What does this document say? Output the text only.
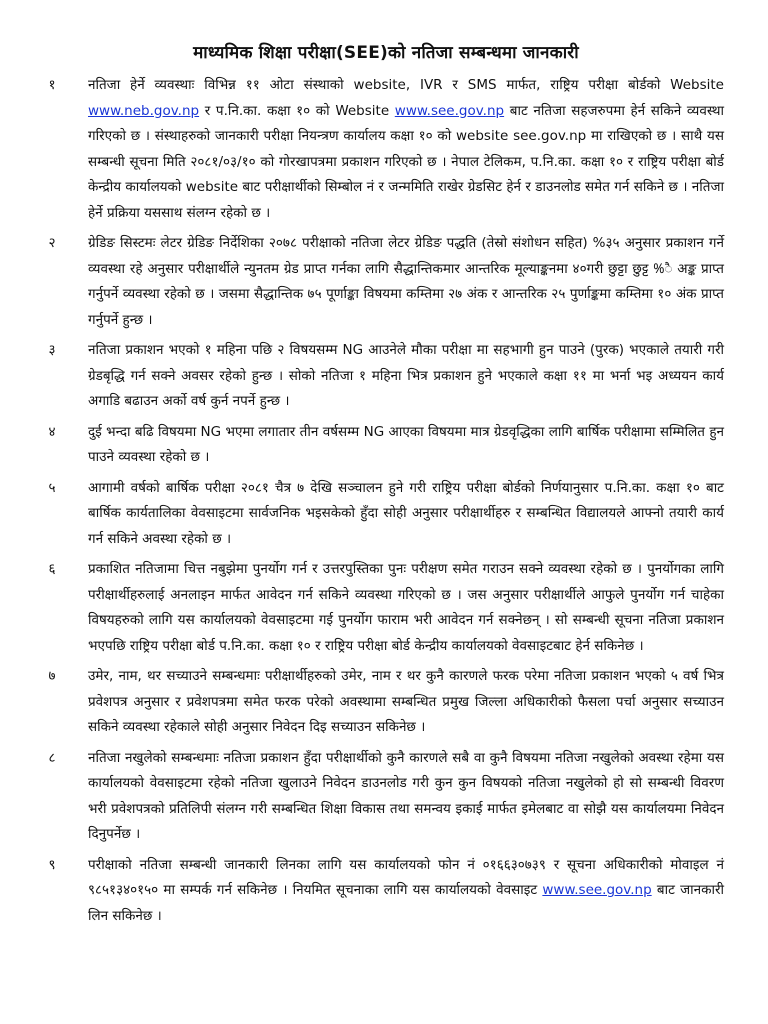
माध्यमिक शिक्षा परीक्षा(SEE)को नतिजा सम्बन्धमा जानकारी
१	नतिजा हेर्ने व्यवस्थाः विभिन्न ११ ओटा संस्थाको website, IVR र SMS मार्फत, राष्ट्रिय परीक्षा बोर्डको Website www.neb.gov.np र प.नि.का. कक्षा १० को Website www.see.gov.np बाट नतिजा सहजरुपमा हेर्न सकिने व्यवस्था गरिएको छ । संस्थाहरुको जानकारी परीक्षा नियन्त्रण कार्यालय कक्षा १० को website see.gov.np मा राखिएको छ । साथै यस सम्बन्धी सूचना मिति २०८१/०३/१० को गोरखापत्रमा प्रकाशन गरिएको छ । नेपाल टेलिकम, प.नि.का. कक्षा १० र राष्ट्रिय परीक्षा बोर्ड केन्द्रीय कार्यालयको website बाट परीक्षार्थीको सिम्बोल नं र जन्ममिति राखेर ग्रेडसिट हेर्न र डाउनलोड समेत गर्न सकिने छ । नतिजा हेर्ने प्रक्रिया यससाथ संलग्न रहेको छ ।
२	ग्रेडिङ सिस्टमः लेटर ग्रेडिङ निर्देशिका २०७८ परीक्षाको नतिजा लेटर ग्रेडिङ पद्धति (तेस्रो संशोधन सहित) %३५ अनुसार प्रकाशन गर्ने व्यवस्था रहे अनुसार परीक्षार्थीले न्युनतम ग्रेड प्राप्त गर्नका लागि सैद्धान्तिकमार आन्तरिक मूल्याङ्कनमा ४०गरी छुट्टा छुट्ट %ै अङ्क प्राप्त गर्नुपर्ने व्यवस्था रहेको छ । जसमा सैद्धान्तिक ७५ पूर्णाङ्का विषयमा कम्तिमा २७ अंक र आन्तरिक २५ पुर्णाङ्कमा कम्तिमा १० अंक प्राप्त गर्नुपर्ने हुन्छ ।
३	नतिजा प्रकाशन भएको १ महिना पछि २ विषयसम्म NG आउनेले मौका परीक्षा मा सहभागी हुन पाउने (पुरक) भएकाले तयारी गरी ग्रेडबृद्धि गर्न सक्ने अवसर रहेको हुन्छ । सोको नतिजा १ महिना भित्र प्रकाशन हुने भएकाले कक्षा ११ मा भर्ना भइ अध्ययन कार्य अगाडि बढाउन अर्को वर्ष कुर्न नपर्ने हुन्छ ।
४	दुई भन्दा बढि विषयमा NG भएमा लगातार तीन वर्षसम्म NG आएका विषयमा मात्र ग्रेडवृद्धिका लागि बार्षिक परीक्षामा सम्मिलित हुन पाउने व्यवस्था रहेको छ ।
५	आगामी वर्षको बार्षिक परीक्षा २०८१ चैत्र ७ देखि सञ्चालन हुने गरी राष्ट्रिय परीक्षा बोर्डको निर्णयानुसार प.नि.का. कक्षा १० बाट बार्षिक कार्यतालिका वेवसाइटमा सार्वजनिक भइसकेको हुँदा सोही अनुसार परीक्षार्थीहरु र सम्बन्धित विद्यालयले आफ्नो तयारी कार्य गर्न सकिने अवस्था रहेको छ ।
६	प्रकाशित नतिजामा चित्त नबुझेमा पुनर्योग गर्न र उत्तरपुस्तिका पुनः परीक्षण समेत गराउन सक्ने व्यवस्था रहेको छ । पुनर्योगका लागि परीक्षार्थीहरुलाई अनलाइन मार्फत आवेदन गर्न सकिने व्यवस्था गरिएको छ । जस अनुसार परीक्षार्थीले आफुले पुनर्योग गर्न चाहेका विषयहरुको लागि यस कार्यालयको वेवसाइटमा गई पुनर्योग फाराम भरी आवेदन गर्न सक्नेछन् । सो सम्बन्धी सूचना नतिजा प्रकाशन भएपछि राष्ट्रिय परीक्षा बोर्ड प.नि.का. कक्षा १० र राष्ट्रिय परीक्षा बोर्ड केन्द्रीय कार्यालयको वेवसाइटबाट हेर्न सकिनेछ ।
७	उमेर, नाम, थर सच्याउने सम्बन्धमाः परीक्षार्थीहरुको उमेर, नाम र थर कुनै कारणले फरक परेमा नतिजा प्रकाशन भएको ५ वर्ष भित्र प्रवेशपत्र अनुसार र प्रवेशपत्रमा समेत फरक परेको अवस्थामा सम्बन्धित प्रमुख जिल्ला अधिकारीको फैसला पर्चा अनुसार सच्याउन सकिने व्यवस्था रहेकाले सोही अनुसार निवेदन दिइ सच्याउन सकिनेछ ।
८	नतिजा नखुलेको सम्बन्धमाः नतिजा प्रकाशन हुँदा परीक्षार्थीको कुनै कारणले सबै वा कुनै विषयमा नतिजा नखुलेको अवस्था रहेमा यस कार्यालयको वेवसाइटमा रहेको नतिजा खुलाउने निवेदन डाउनलोड गरी कुन कुन विषयको नतिजा नखुलेको हो सो सम्बन्धी विवरण भरी प्रवेशपत्रको प्रतिलिपी संलग्न गरी सम्बन्धित शिक्षा विकास तथा समन्वय इकाई मार्फत इमेलबाट वा सोझै यस कार्यालयमा निवेदन दिनुपर्नेछ ।
९	परीक्षाको नतिजा सम्बन्धी जानकारी लिनका लागि यस कार्यालयको फोन नं ०१६६३०७३९ र सूचना अधिकारीको मोवाइल नं ९८५१३४०१५० मा सम्पर्क गर्न सकिनेछ । नियमित सूचनाका लागि यस कार्यालयको वेवसाइट www.see.gov.np बाट जानकारी लिन सकिनेछ ।
